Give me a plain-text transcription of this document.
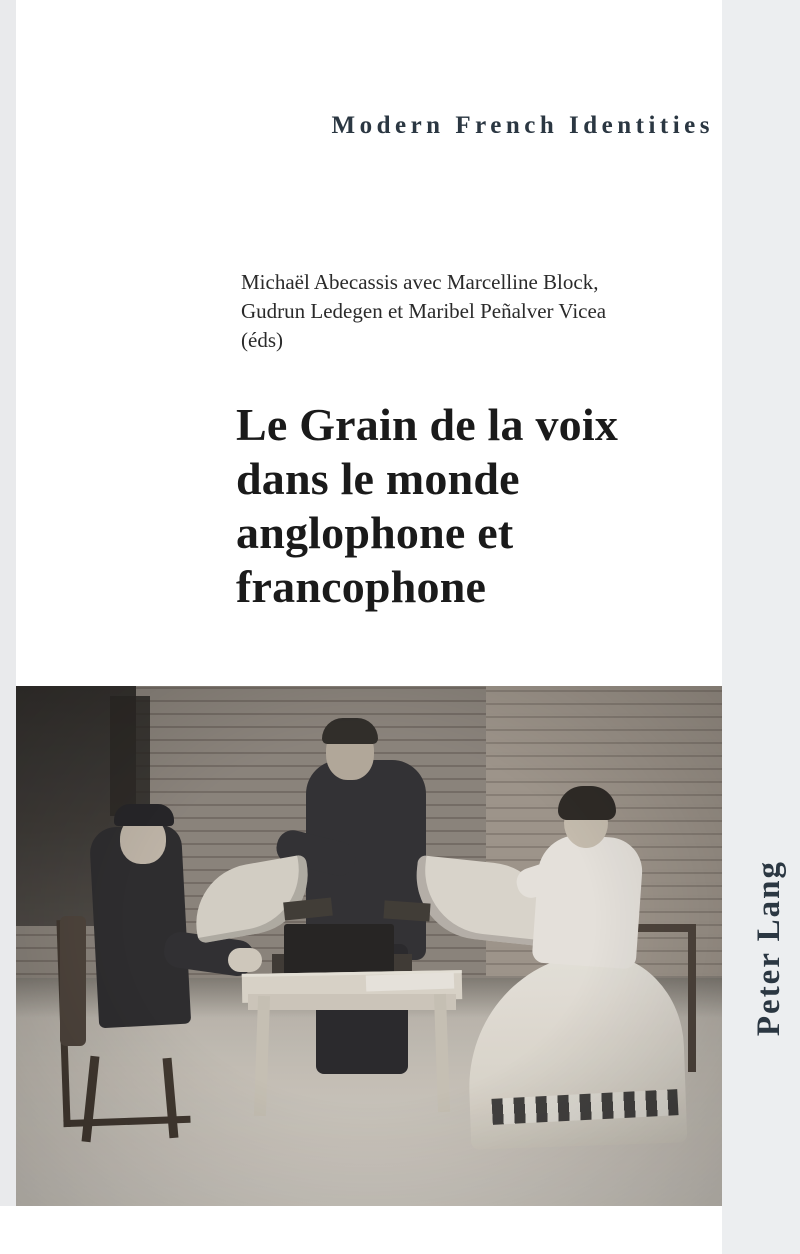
Modern French Identities
Michaël Abecassis avec Marcelline Block,
Gudrun Ledegen et Maribel Peñalver Vicea
(éds)
Le Grain de la voix
dans le monde
anglophone et
francophone
Peter Lang
